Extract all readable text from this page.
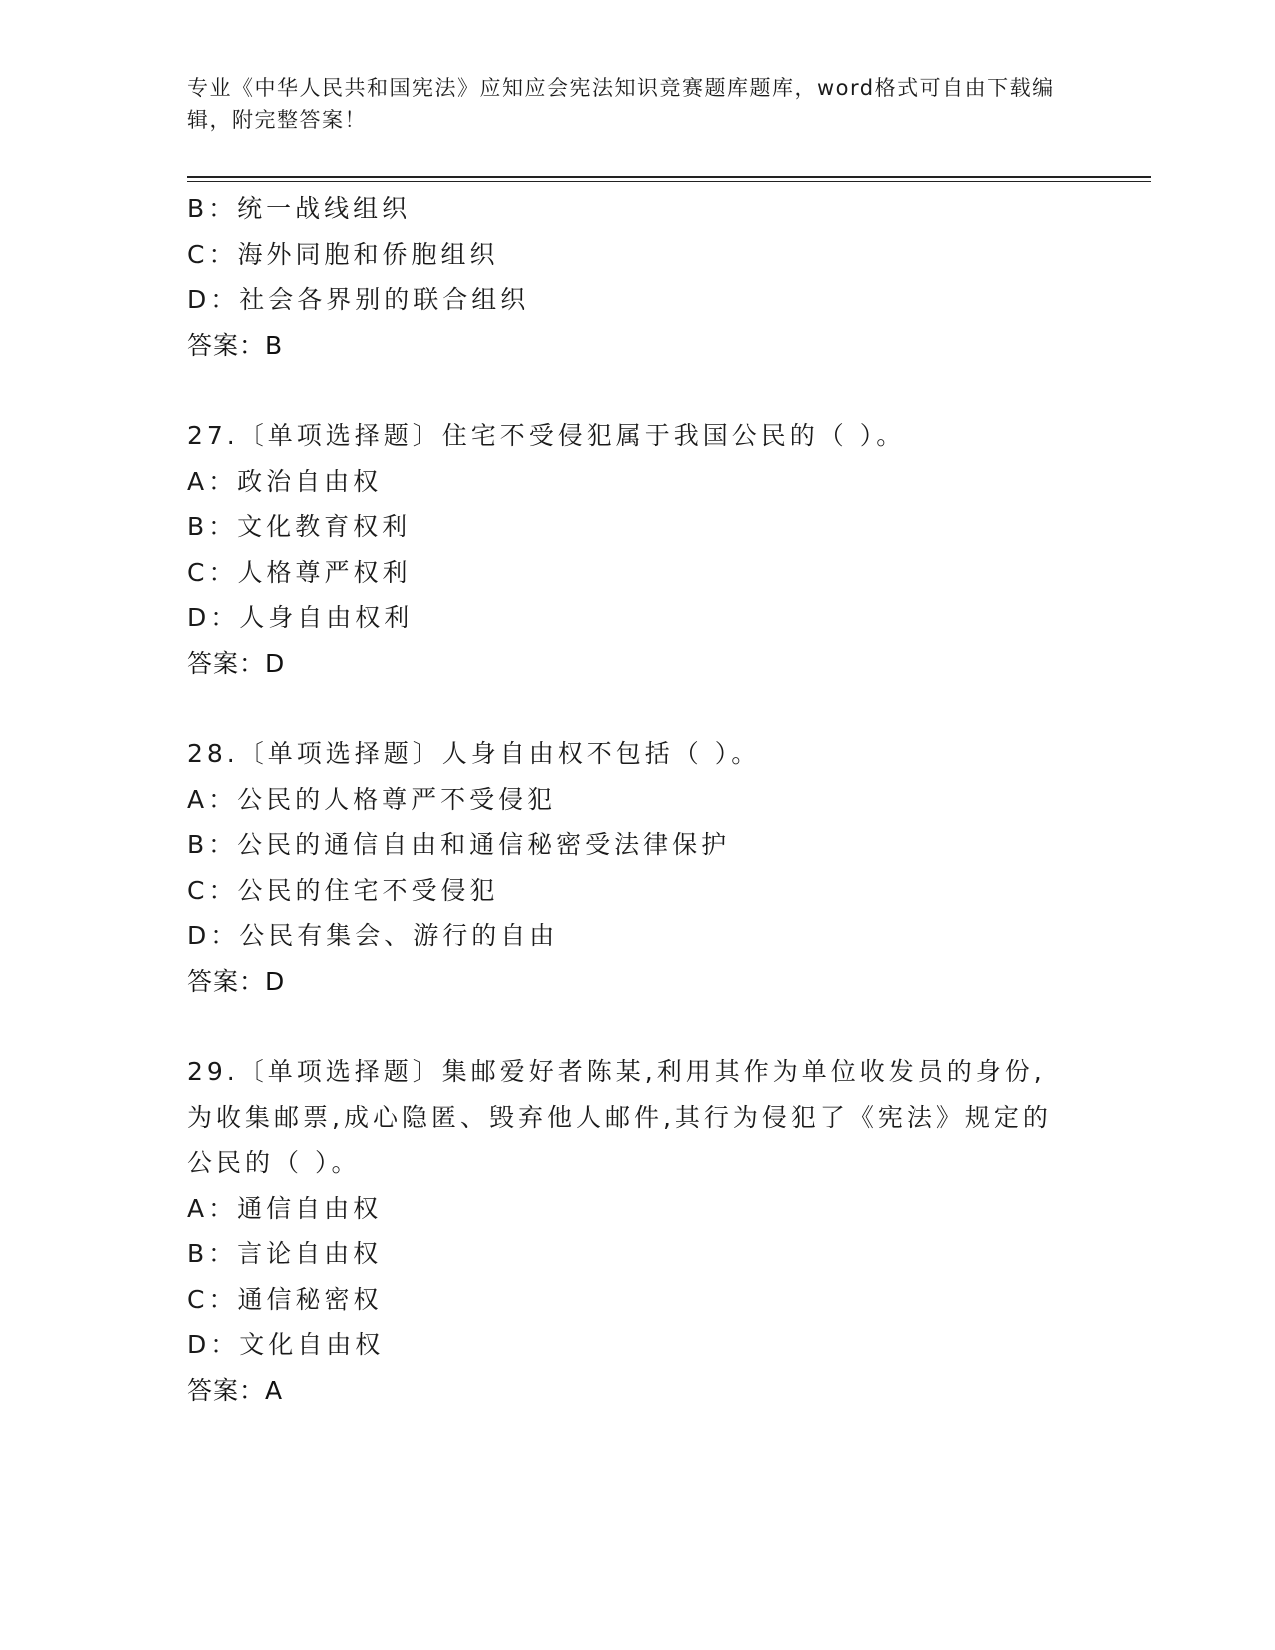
专业《中华人民共和国宪法》应知应会宪法知识竞赛题库题库，word格式可自由下载编辑，附完整答案！
B：统一战线组织
C：海外同胞和侨胞组织
D：社会各界别的联合组织
答案：B
27.〔单项选择题〕住宅不受侵犯属于我国公民的（ ）。
A：政治自由权
B：文化教育权利
C：人格尊严权利
D：人身自由权利
答案：D
28.〔单项选择题〕人身自由权不包括（ ）。
A：公民的人格尊严不受侵犯
B：公民的通信自由和通信秘密受法律保护
C：公民的住宅不受侵犯
D：公民有集会、游行的自由
答案：D
29.〔单项选择题〕集邮爱好者陈某,利用其作为单位收发员的身份,为收集邮票,成心隐匿、毁弃他人邮件,其行为侵犯了《宪法》规定的公民的（ ）。
A：通信自由权
B：言论自由权
C：通信秘密权
D：文化自由权
答案：A
